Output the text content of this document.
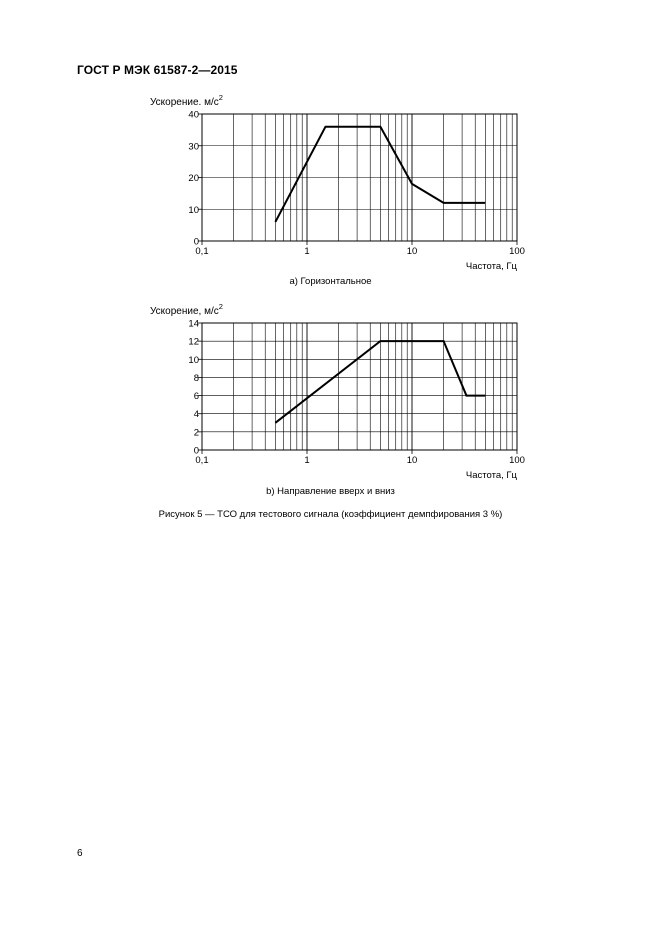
ГОСТ Р МЭК 61587-2—2015
0
10
20
30
40
0,1	1	10	100
Ускорение. $м/с^2$
Частота, Гц
а) Горизонтальное
0
2
4
6
8
10
12
14
0,1	1	10	100
Ускорение, $м/с^2$
Частота, Гц
b) Направление вверх и вниз
Рисунок 5 — ТСО для тестового сигнала (коэффициент демпфирования 3 %)
6
